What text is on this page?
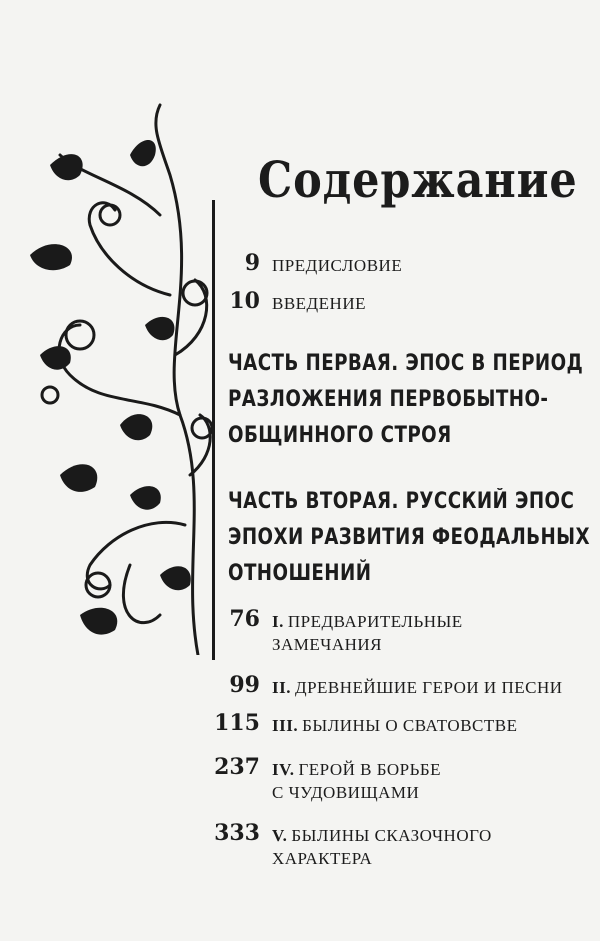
Содержание
9 ПРЕДИСЛОВИЕ
10 ВВЕДЕНИЕ
ЧАСТЬ ПЕРВАЯ. ЭПОС В ПЕРИОД
РАЗЛОЖЕНИЯ ПЕРВОБЫТНО-
ОБЩИННОГО СТРОЯ
ЧАСТЬ ВТОРАЯ. РУССКИЙ ЭПОС
ЭПОХИ РАЗВИТИЯ ФЕОДАЛЬНЫХ
ОТНОШЕНИЙ
76 I. ПРЕДВАРИТЕЛЬНЫЕ
ЗАМЕЧАНИЯ
99 II. ДРЕВНЕЙШИЕ ГЕРОИ И ПЕСНИ
115 III. БЫЛИНЫ О СВАТОВСТВЕ
237 IV. ГЕРОЙ В БОРЬБЕ
С ЧУДОВИЩАМИ
333 V. БЫЛИНЫ СКАЗОЧНОГО
ХАРАКТЕРА
